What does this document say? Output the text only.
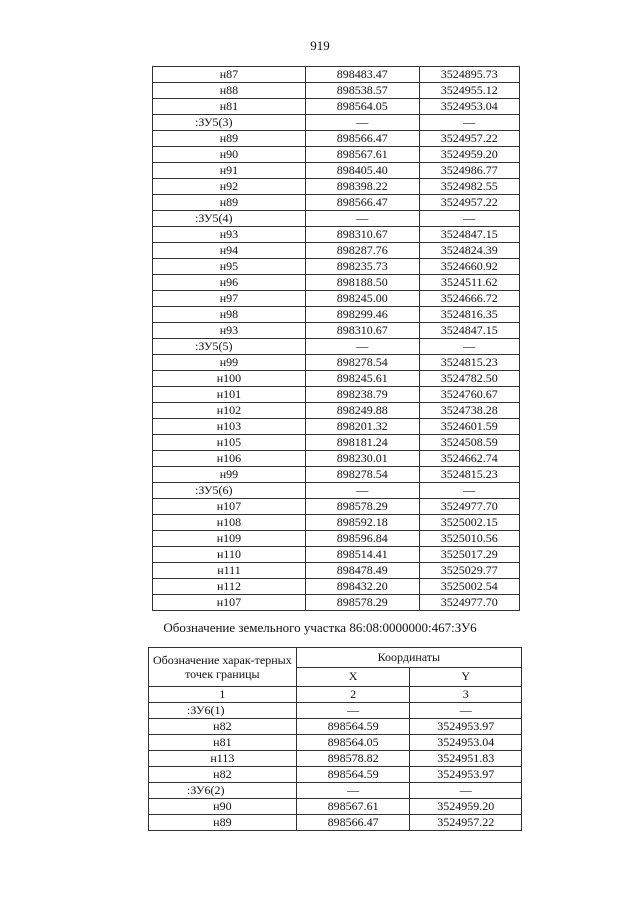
919
н87	898483.47	3524895.73
н88	898538.57	3524955.12
н81	898564.05	3524953.04
:ЗУ5(3)	—	—
н89	898566.47	3524957.22
н90	898567.61	3524959.20
н91	898405.40	3524986.77
н92	898398.22	3524982.55
н89	898566.47	3524957.22
:ЗУ5(4)	—	—
н93	898310.67	3524847.15
н94	898287.76	3524824.39
н95	898235.73	3524660.92
н96	898188.50	3524511.62
н97	898245.00	3524666.72
н98	898299.46	3524816.35
н93	898310.67	3524847.15
:ЗУ5(5)	—	—
н99	898278.54	3524815.23
н100	898245.61	3524782.50
н101	898238.79	3524760.67
н102	898249.88	3524738.28
н103	898201.32	3524601.59
н105	898181.24	3524508.59
н106	898230.01	3524662.74
н99	898278.54	3524815.23
:ЗУ5(6)	—	—
н107	898578.29	3524977.70
н108	898592.18	3525002.15
н109	898596.84	3525010.56
н110	898514.41	3525017.29
н111	898478.49	3525029.77
н112	898432.20	3525002.54
н107	898578.29	3524977.70
Обозначение земельного участка 86:08:0000000:467:ЗУ6
Обозначение харак-терных точек границы	Координаты	
	X	Y
1	2	3
:ЗУ6(1)	—	—
н82	898564.59	3524953.97
н81	898564.05	3524953.04
н113	898578.82	3524951.83
н82	898564.59	3524953.97
:ЗУ6(2)	—	—
н90	898567.61	3524959.20
н89	898566.47	3524957.22
